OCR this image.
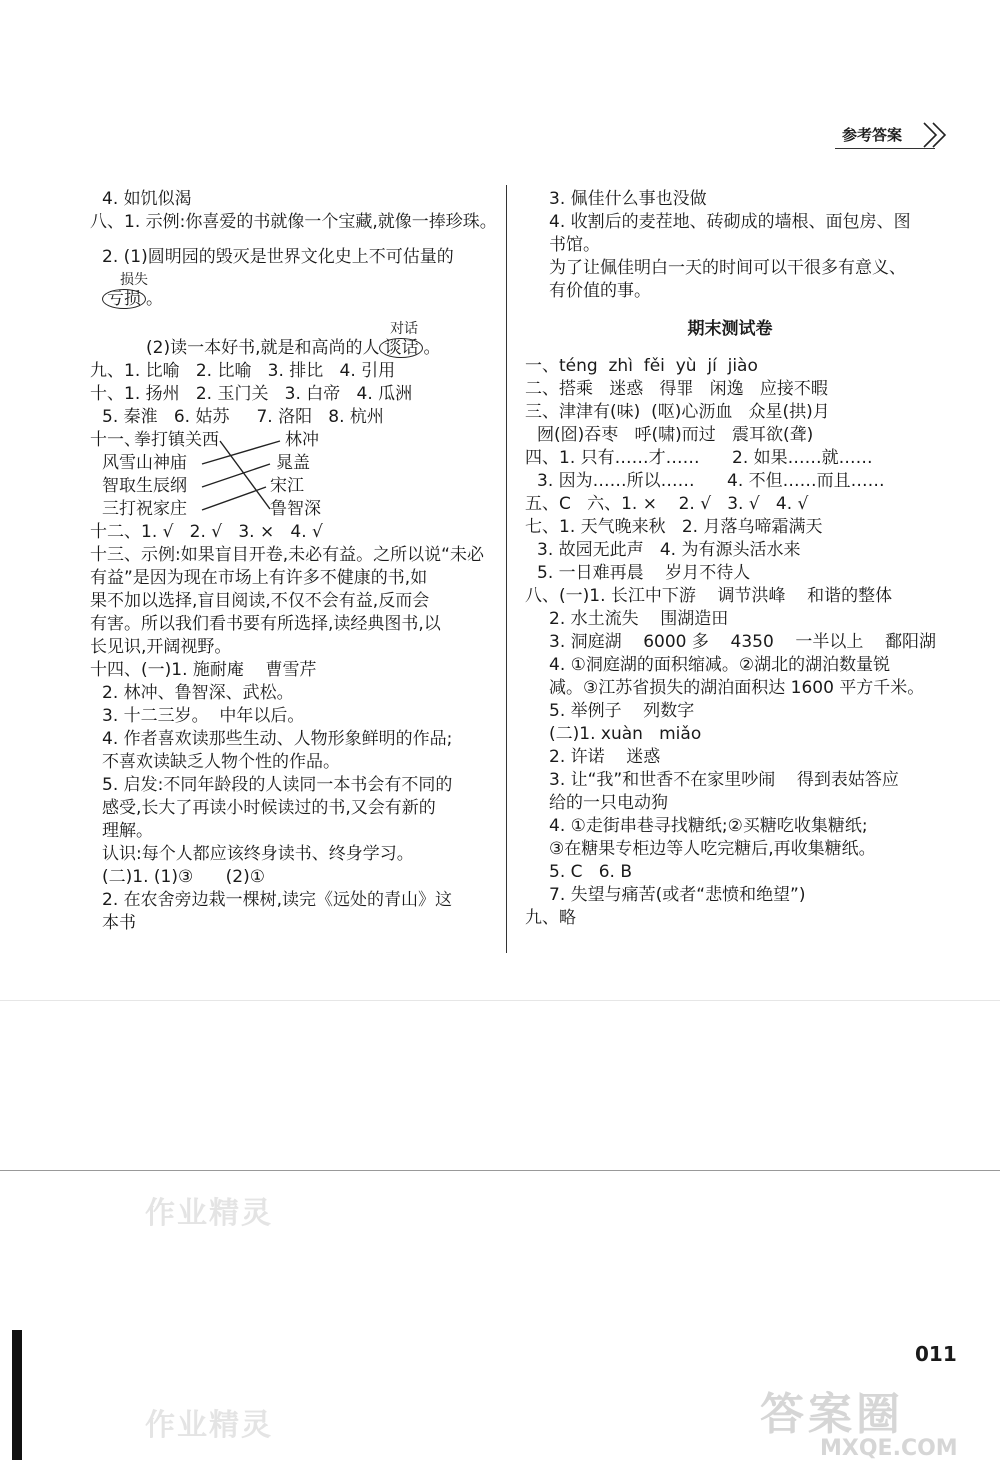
参考答案
4. 如饥似渴
八、1. 示例:你喜爱的书就像一个宝藏,就像一捧珍珠。
2. (1)圆明园的毁灭是世界文化史上不可估量的
损失
亏损 。
对话
(2)读一本好书,就是和高尚的人 谈话 。
九、1. 比喻   2. 比喻   3. 排比   4. 引用
十、1. 扬州   2. 玉门关   3. 白帝   4. 瓜洲
5. 秦淮   6. 姑苏     7. 洛阳   8. 杭州
十一、
拳打镇关西
风雪山神庙
智取生辰纲
三打祝家庄
林冲
晁盖
宋江
鲁智深
十二、1. √   2. √   3. ×   4. √
十三、示例:如果盲目开卷,未必有益。之所以说“未必
有益”是因为现在市场上有许多不健康的书,如
果不加以选择,盲目阅读,不仅不会有益,反而会
有害。所以我们看书要有所选择,读经典图书,以
长见识,开阔视野。
十四、(一)1. 施耐庵    曹雪芹
2. 林冲、鲁智深、武松。
3. 十二三岁。  中年以后。
4. 作者喜欢读那些生动、人物形象鲜明的作品;
不喜欢读缺乏人物个性的作品。
5. 启发:不同年龄段的人读同一本书会有不同的
感受,长大了再读小时候读过的书,又会有新的
理解。
认识:每个人都应该终身读书、终身学习。
(二)1. (1)③      (2)①
2. 在农舍旁边栽一棵树,读完《远处的青山》这
本书
3. 佩佳什么事也没做
4. 收割后的麦茬地、砖砌成的墙根、面包房、图
书馆。
为了让佩佳明白一天的时间可以干很多有意义、
有价值的事。
期末测试卷
一、téng  zhì  fěi  yù  jí  jiào
二、搭乘   迷惑   得罪   闲逸   应接不暇
三、津津有(味)  (呕)心沥血   众星(拱)月
囫(囵)吞枣   呼(啸)而过   震耳欲(聋)
四、1. 只有……才……      2. 如果……就……
3. 因为……所以……      4. 不但……而且……
五、C   六、1. ×    2. √   3. √   4. √
七、1. 天气晚来秋   2. 月落乌啼霜满天
3. 故园无此声   4. 为有源头活水来
5. 一日难再晨    岁月不待人
八、(一)1. 长江中下游    调节洪峰    和谐的整体
2. 水土流失    围湖造田
3. 洞庭湖    6000 多    4350    一半以上    鄱阳湖
4. ①洞庭湖的面积缩减。②湖北的湖泊数量锐
减。③江苏省损失的湖泊面积达 1600 平方千米。
5. 举例子    列数字
(二)1. xuàn   miǎo
2. 许诺    迷惑
3. 让“我”和世香不在家里吵闹    得到表姑答应
给的一只电动狗
4. ①走街串巷寻找糖纸;②买糖吃收集糖纸;
③在糖果专柜边等人吃完糖后,再收集糖纸。
5. C   6. B
7. 失望与痛苦(或者“悲愤和绝望”)
九、略
作业精灵
作业精灵
011
答案圈
MXQE.COM
